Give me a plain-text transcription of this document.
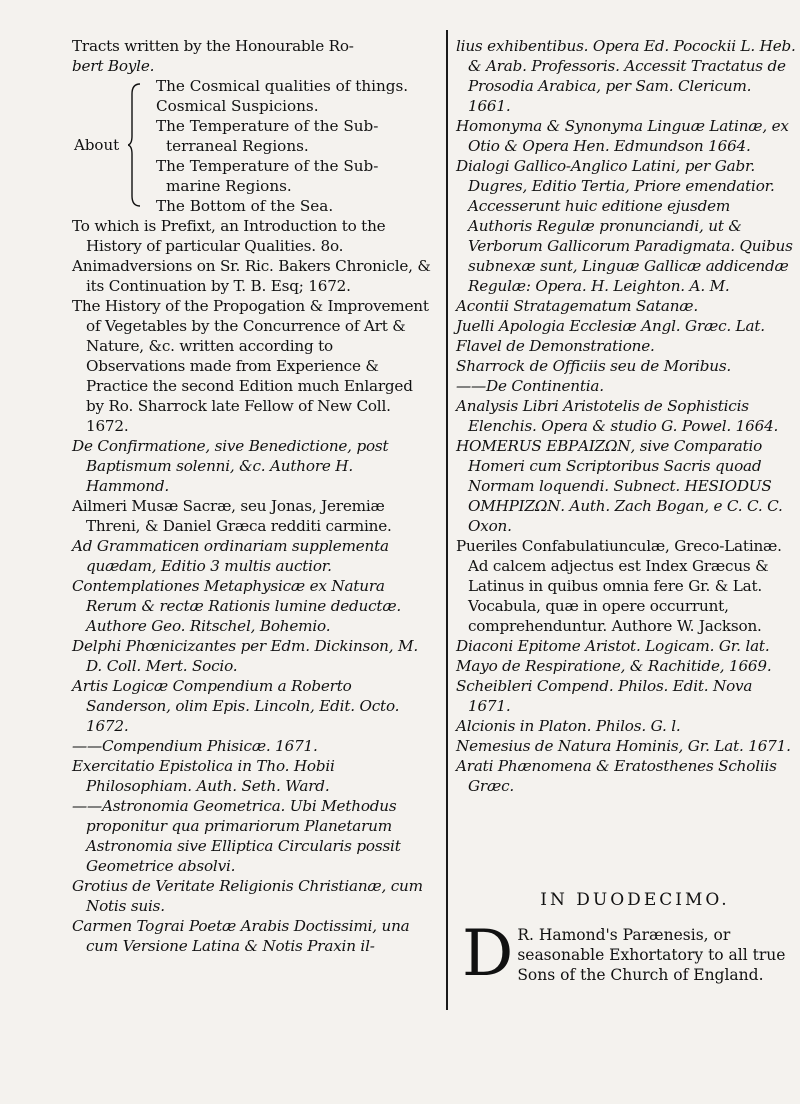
Tracts written by the Honourable Ro-
bert Boyle.

About

The Cosmical qualities of things.

Cosmical Suspicions.

The Temperature of the Sub-

terraneal Regions.

The Temperature of the Sub-

marine Regions.

The Bottom of the Sea.

To which is Prefixt, an Introduction to the History of particular Qualities. 8o.

Animadversions on Sr. Ric. Bakers Chronicle, & its Continuation by T. B. Esq; 1672.

The History of the Propogation & Improvement of Vegetables by the Concurrence of Art & Nature, &c. written according to Observations made from Experience & Practice the second Edition much Enlarged by Ro. Sharrock late Fellow of New Coll. 1672.

De Confirmatione, sive Benedictione, post Baptismum solenni, &c. Authore H. Hammond.

Ailmeri Musæ Sacræ, seu Jonas, Jeremiæ Threni, & Daniel Græca redditi carmine.

Ad Grammaticen ordinariam supplementa quædam, Editio 3 multis auctior.

Contemplationes Metaphysicæ ex Natura Rerum & rectæ Rationis lumine deductæ. Authore Geo. Ritschel, Bohemio.

Delphi Phœnicizantes per Edm. Dickinson, M. D. Coll. Mert. Socio.

Artis Logicæ Compendium a Roberto Sanderson, olim Epis. Lincoln, Edit. Octo. 1672.

——Compendium Phisicæ. 1671.

Exercitatio Epistolica in Tho. Hobii Philosophiam. Auth. Seth. Ward.

——Astronomia Geometrica. Ubi Methodus proponitur qua primariorum Planetarum Astronomia sive Elliptica Circularis possit Geometrice absolvi.

Grotius de Veritate Religionis Christianæ, cum Notis suis.

Carmen Tograi Poetæ Arabis Doctissimi, una cum Versione Latina & Notis Praxin il-

lius exhibentibus. Opera Ed. Pocockii L. Heb. & Arab. Professoris. Accessit Tractatus de Prosodia Arabica, per Sam. Clericum. 1661.

Homonyma & Synonyma Linguæ Latinæ, ex Otio & Opera Hen. Edmundson 1664.

Dialogi Gallico-Anglico Latini, per Gabr. Dugres, Editio Tertia, Priore emendatior. Accesserunt huic editione ejusdem Authoris Regulæ pronunciandi, ut & Verborum Gallicorum Paradigmata. Quibus subnexæ sunt, Linguæ Gallicæ addicendæ Regulæ: Opera. H. Leighton. A. M.

Acontii Stratagematum Satanæ.

Juelli Apologia Ecclesiæ Angl. Græc. Lat.

Flavel de Demonstratione.

Sharrock de Officiis seu de Moribus.

——De Continentia.

Analysis Libri Aristotelis de Sophisticis Elenchis. Opera & studio G. Powel. 1664.

HOMERUS ΕΒΡΑΙΖΩΝ, sive Comparatio Homeri cum Scriptoribus Sacris quoad Normam loquendi. Subnect. HESIODUS ΟΜΗΡΙΖΩΝ. Auth. Zach Bogan, e C. C. C. Oxon.

Pueriles Confabulatiunculæ, Greco-Latinæ. Ad calcem adjectus est Index Græcus & Latinus in quibus omnia fere Gr. & Lat. Vocabula, quæ in opere occurrunt, comprehenduntur. Authore W. Jackson.

Diaconi Epitome Aristot. Logicam. Gr. lat.

Mayo de Respiratione, & Rachitide, 1669.

Scheibleri Compend. Philos. Edit. Nova 1671.

Alcionis in Platon. Philos. G. l.

Nemesius de Natura Hominis, Gr. Lat. 1671.

Arati Phænomena & Eratosthenes Scholiis Græc.

IN DUODECIMO.
D R. Hamond's Parænesis, or seasonable Exhortatory to all true Sons of the Church of England.
